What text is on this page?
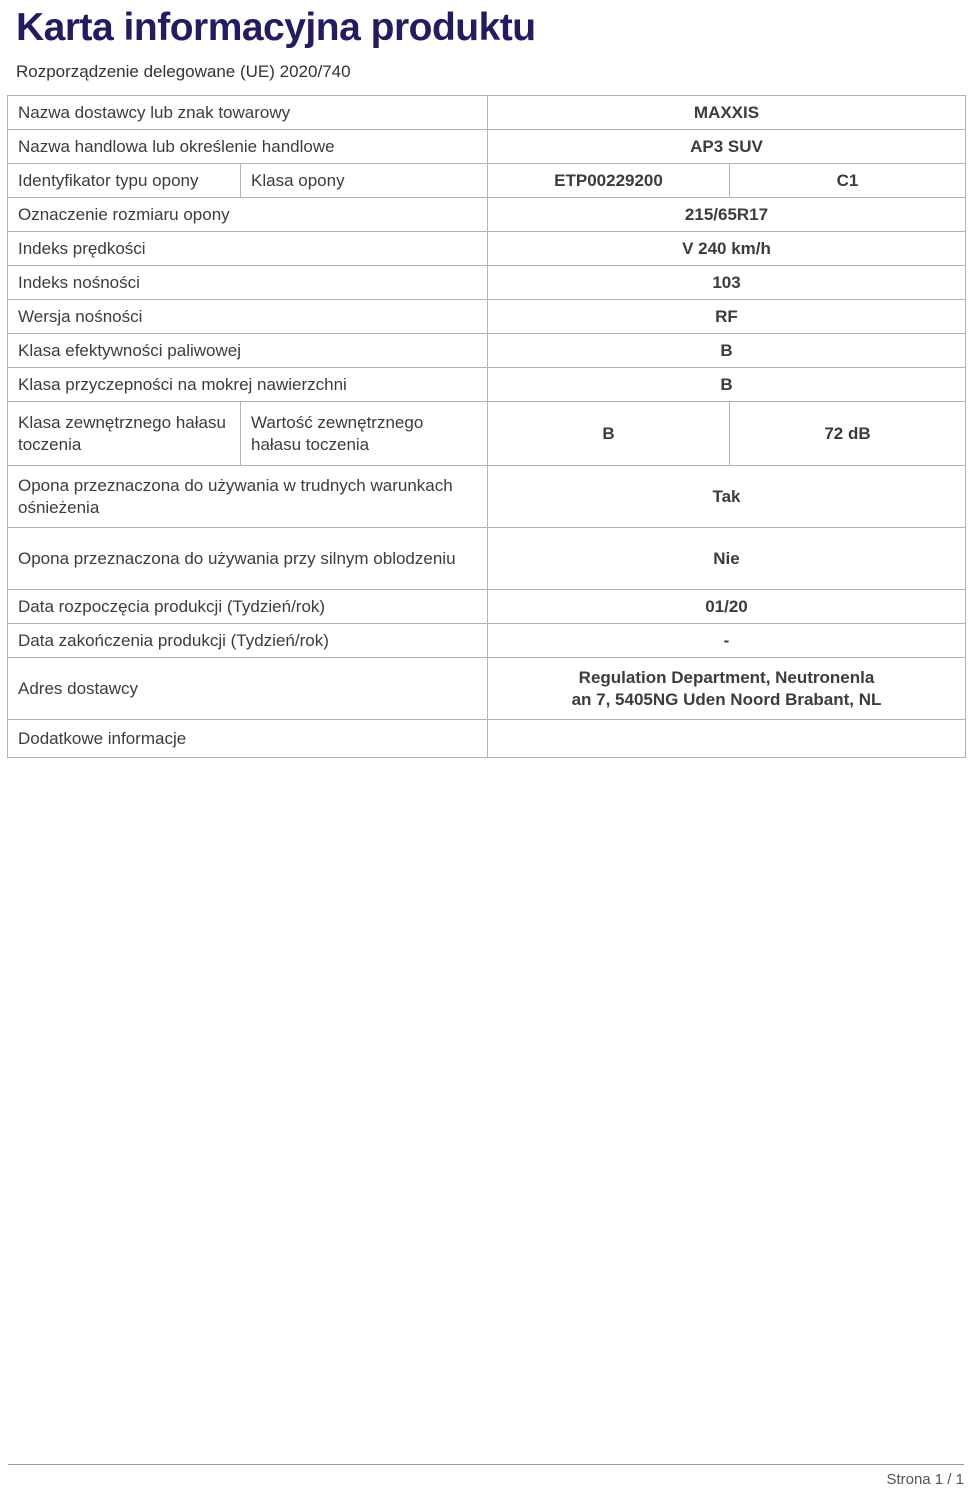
Karta informacyjna produktu
Rozporządzenie delegowane (UE) 2020/740
Nazwa dostawcy lub znak towarowy		MAXXIS	
Nazwa handlowa lub określenie handlowe		AP3 SUV	
Identyfikator typu opony	Klasa opony	ETP00229200	C1
Oznaczenie rozmiaru opony		215/65R17	
Indeks prędkości		V 240 km/h	
Indeks nośności		103	
Wersja nośności		RF	
Klasa efektywności paliwowej		B	
Klasa przyczepności na mokrej nawierzchni		B	
Klasa zewnętrznego hałasu toczenia	Wartość zewnętrznego hałasu toczenia	B	72 dB
Opona przeznaczona do używania w trudnych warunkach ośnieżenia		Tak	
Opona przeznaczona do używania przy silnym oblodzeniu		Nie	
Data rozpoczęcia produkcji (Tydzień/rok)		01/20	
Data zakończenia produkcji (Tydzień/rok)		-	
Adres dostawcy		Regulation Department, Neutronenla
an 7, 5405NG Uden Noord Brabant, NL	

Dodatkowe informacje			
Strona 1 / 1
